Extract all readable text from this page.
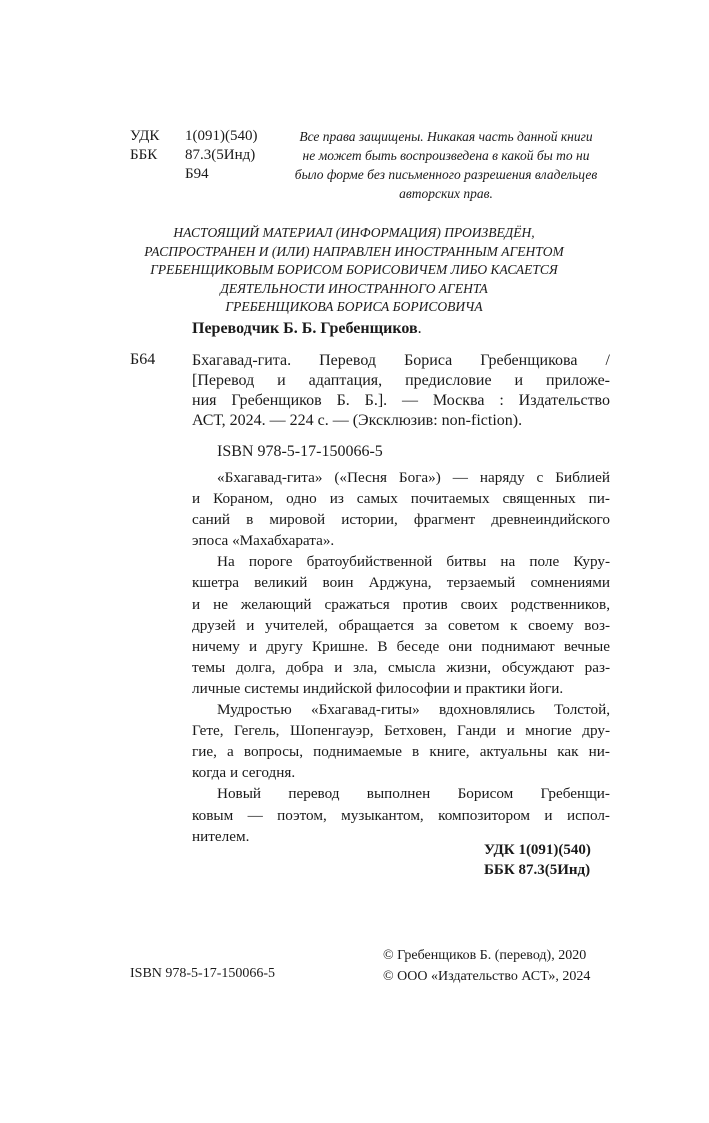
УДК 1(091)(540)
ББК 87.3(5Инд)
Б94
Все права защищены. Никакая часть данной книги
не может быть воспроизведена в какой бы то ни
было форме без письменного разрешения владельцев
авторских прав.
НАСТОЯЩИЙ МАТЕРИАЛ (ИНФОРМАЦИЯ) ПРОИЗВЕДЁН,
РАСПРОСТРАНЕН И (ИЛИ) НАПРАВЛЕН ИНОСТРАННЫМ АГЕНТОМ
ГРЕБЕНЩИКОВЫМ БОРИСОМ БОРИСОВИЧЕМ ЛИБО КАСАЕТСЯ
ДЕЯТЕЛЬНОСТИ ИНОСТРАННОГО АГЕНТА
ГРЕБЕНЩИКОВА БОРИСА БОРИСОВИЧА
Переводчик Б. Б. Гребенщиков.
Б64 Бхагавад-гита. Перевод Бориса Гребенщикова /
[Перевод и адаптация, предисловие и приложе-
ния Гребенщиков Б. Б.]. — Москва : Издательство
АСТ, 2024. — 224 с. — (Эксклюзив: non-fiction).
ISBN 978-5-17-150066-5

«Бхагавад-гита» («Песня Бога») — наряду с Библией
и Кораном, одно из самых почитаемых священных пи-
саний в мировой истории, фрагмент древнеиндийского
эпоса «Махабхарата».

На пороге братоубийственной битвы на поле Куру-
кшетра великий воин Арджуна, терзаемый сомнениями
и не желающий сражаться против своих родственников,
друзей и учителей, обращается за советом к своему воз-
ничему и другу Кришне. В беседе они поднимают вечные
темы долга, добра и зла, смысла жизни, обсуждают раз-
личные системы индийской философии и практики йоги.

Мудростью «Бхагавад-гиты» вдохновлялись Толстой,
Гете, Гегель, Шопенгауэр, Бетховен, Ганди и многие дру-
гие, а вопросы, поднимаемые в книге, актуальны как ни-
когда и сегодня.

Новый перевод выполнен Борисом Гребенщи-
ковым — поэтом, музыкантом, композитором и испол-
нителем.

УДК 1(091)(540)
ББК 87.3(5Инд)
ISBN 978-5-17-150066-5
© Гребенщиков Б. (перевод), 2020
© ООО «Издательство АСТ», 2024
